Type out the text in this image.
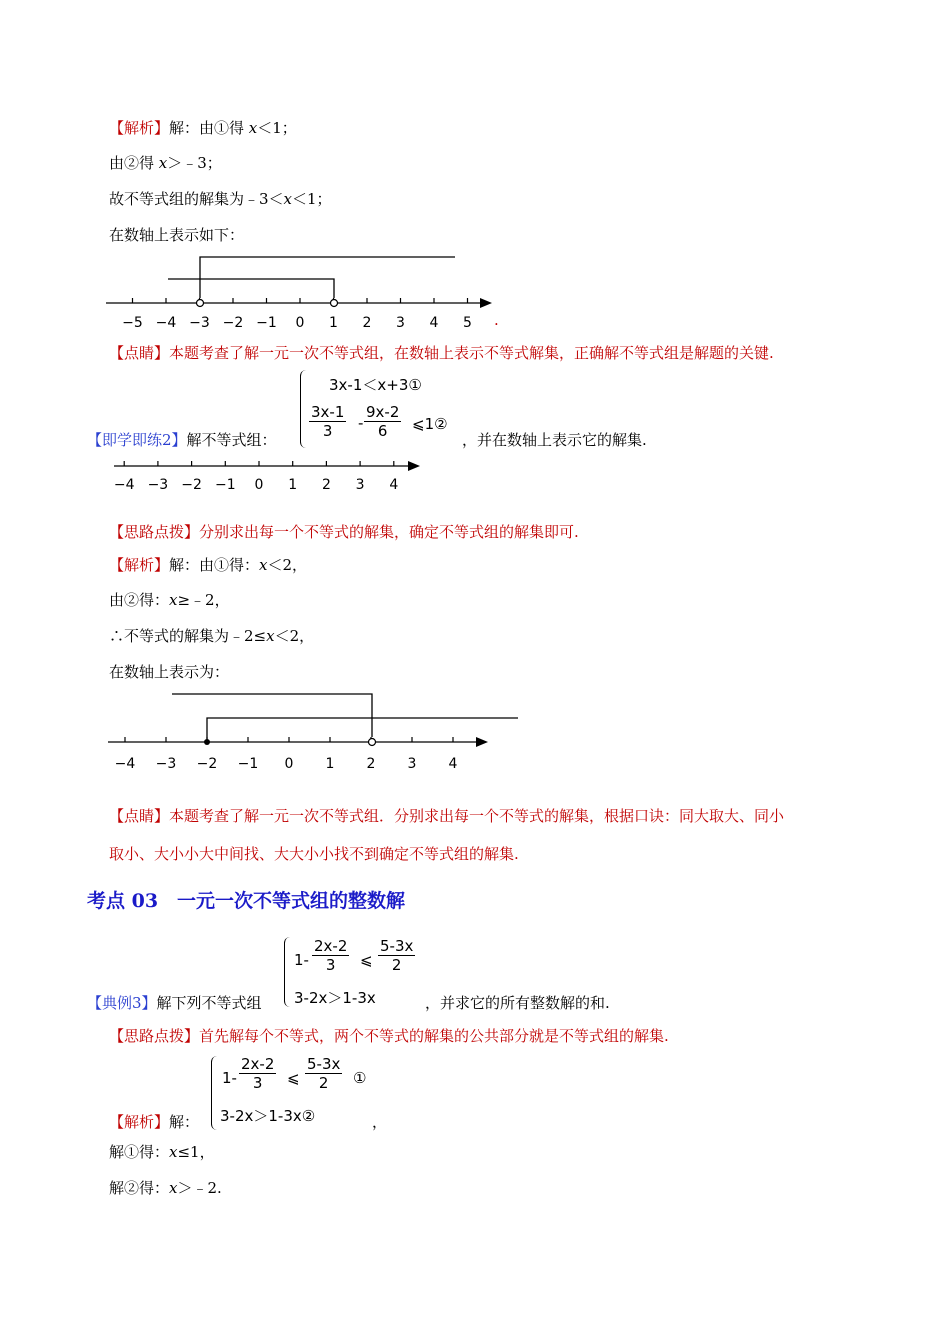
【解析】解：由①得 x＜1；
由②得 x＞﹣3；
故不等式组的解集为﹣3＜x＜1；
在数轴上表示如下：
−5 −4 −3 −2 −1 0 1 2 3 4 5 .
【点睛】本题考查了解一元一次不等式组，在数轴上表示不等式解集，正确解不等式组是解题的关键.
3x-1＜x+3①
$\frac{3x-1}{3} - \frac{9x-2}{6}$ ⩽1②
【即学即练2】解不等式组：	，并在数轴上表示它的解集.
−4 −3 −2 −1 0 1 2 3 4
【思路点拨】分别求出每一个不等式的解集，确定不等式组的解集即可.
【解析】解：由①得：x＜2，
由②得：x≥﹣2，
∴不等式的解集为﹣2≤x＜2，
在数轴上表示为：
−4 −3 −2 −1 0 1 2 3 4
【点睛】本题考查了解一元一次不等式组．分别求出每一个不等式的解集，根据口诀：同大取大、同小
取小、大小小大中间找、大大小小找不到确定不等式组的解集.
考点 03　一元一次不等式组的整数解
$1- \frac{2x-2}{3}$ ⩽ $\frac{5-3x}{2}$
3-2x＞1-3x
【典例3】解下列不等式组	，并求它的所有整数解的和.
【思路点拨】首先解每个不等式，两个不等式的解集的公共部分就是不等式组的解集.
$1- \frac{2x-2}{3}$ ⩽ $\frac{5-3x}{2}$ ①
3-2x＞1-3x②
【解析】解：	，
解①得：x≤1，
解②得：x＞﹣2.
